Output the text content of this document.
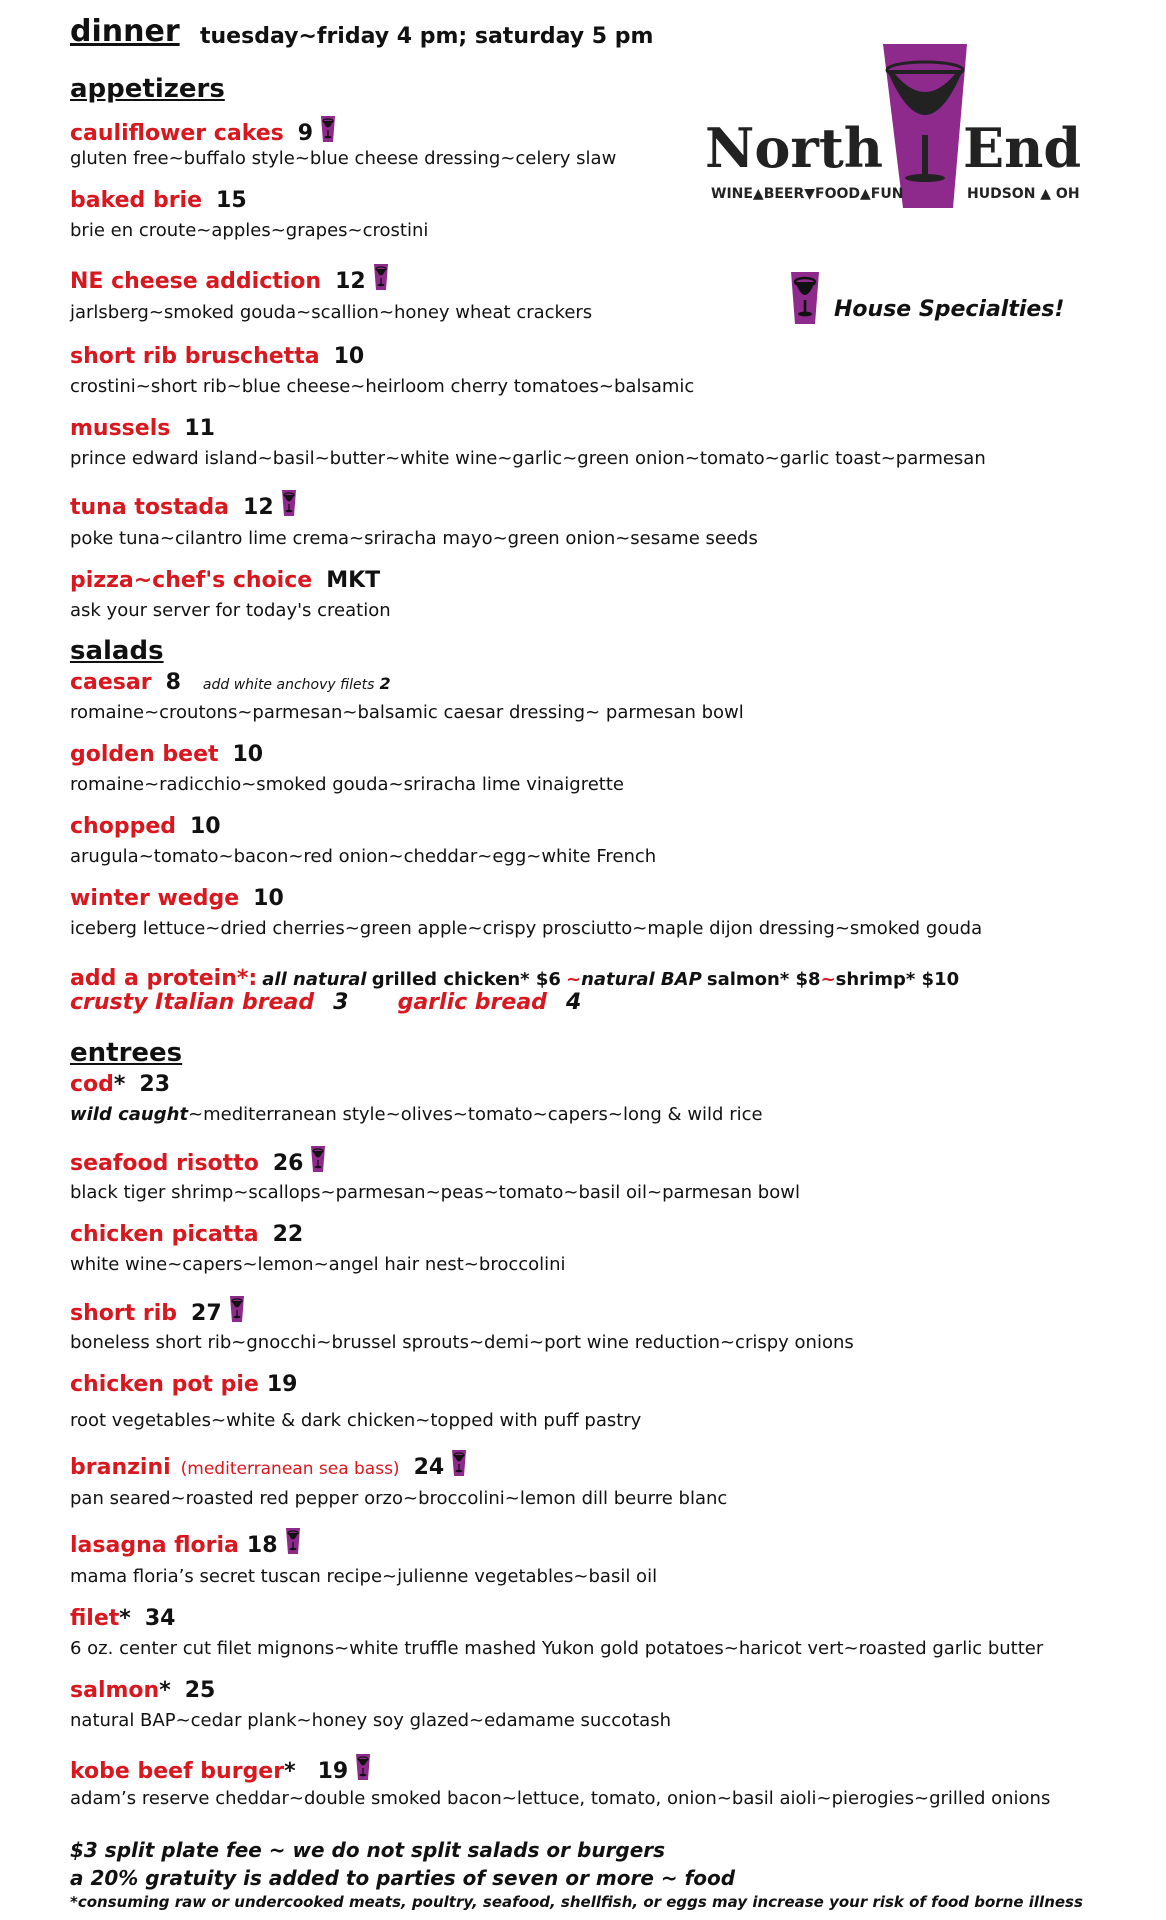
dinner tuesday~friday 4 pm; saturday 5 pm
North End
WINE▲BEER▼FOOD▲FUN	HUDSON ▲ OH
House Specialties!
appetizers
cauliflower cakes 9
gluten free~buffalo style~blue cheese dressing~celery slaw
baked brie 15
brie en croute~apples~grapes~crostini
NE cheese addiction 12
jarlsberg~smoked gouda~scallion~honey wheat crackers
short rib bruschetta 10
crostini~short rib~blue cheese~heirloom cherry tomatoes~balsamic
mussels 11
prince edward island~basil~butter~white wine~garlic~green onion~tomato~garlic toast~parmesan
tuna tostada 12
poke tuna~cilantro lime crema~sriracha mayo~green onion~sesame seeds
pizza~chef's choice MKT
ask your server for today's creation
salads
caesar 8 add white anchovy filets 2
romaine~croutons~parmesan~balsamic caesar dressing~ parmesan bowl
golden beet 10
romaine~radicchio~smoked gouda~sriracha lime vinaigrette
chopped 10
arugula~tomato~bacon~red onion~cheddar~egg~white French
winter wedge 10
iceberg lettuce~dried cherries~green apple~crispy prosciutto~maple dijon dressing~smoked gouda
add a protein*: all natural grilled chicken* $6 ~natural BAP salmon* $8~shrimp* $10
crusty Italian bread 3 garlic bread 4
entrees
cod* 23
wild caught~mediterranean style~olives~tomato~capers~long & wild rice
seafood risotto 26
black tiger shrimp~scallops~parmesan~peas~tomato~basil oil~parmesan bowl
chicken picatta 22
white wine~capers~lemon~angel hair nest~broccolini
short rib 27
boneless short rib~gnocchi~brussel sprouts~demi~port wine reduction~crispy onions
chicken pot pie 19
root vegetables~white & dark chicken~topped with puff pastry
branzini (mediterranean sea bass) 24
pan seared~roasted red pepper orzo~broccolini~lemon dill beurre blanc
lasagna floria 18
mama floria’s secret tuscan recipe~julienne vegetables~basil oil
filet* 34
6 oz. center cut filet mignons~white truffle mashed Yukon gold potatoes~haricot vert~roasted garlic butter
salmon* 25
natural BAP~cedar plank~honey soy glazed~edamame succotash
kobe beef burger* 19
adam’s reserve cheddar~double smoked bacon~lettuce, tomato, onion~basil aioli~pierogies~grilled onions
$3 split plate fee ~ we do not split salads or burgers
a 20% gratuity is added to parties of seven or more ~ food
*consuming raw or undercooked meats, poultry, seafood, shellfish, or eggs may increase your risk of food borne illness
